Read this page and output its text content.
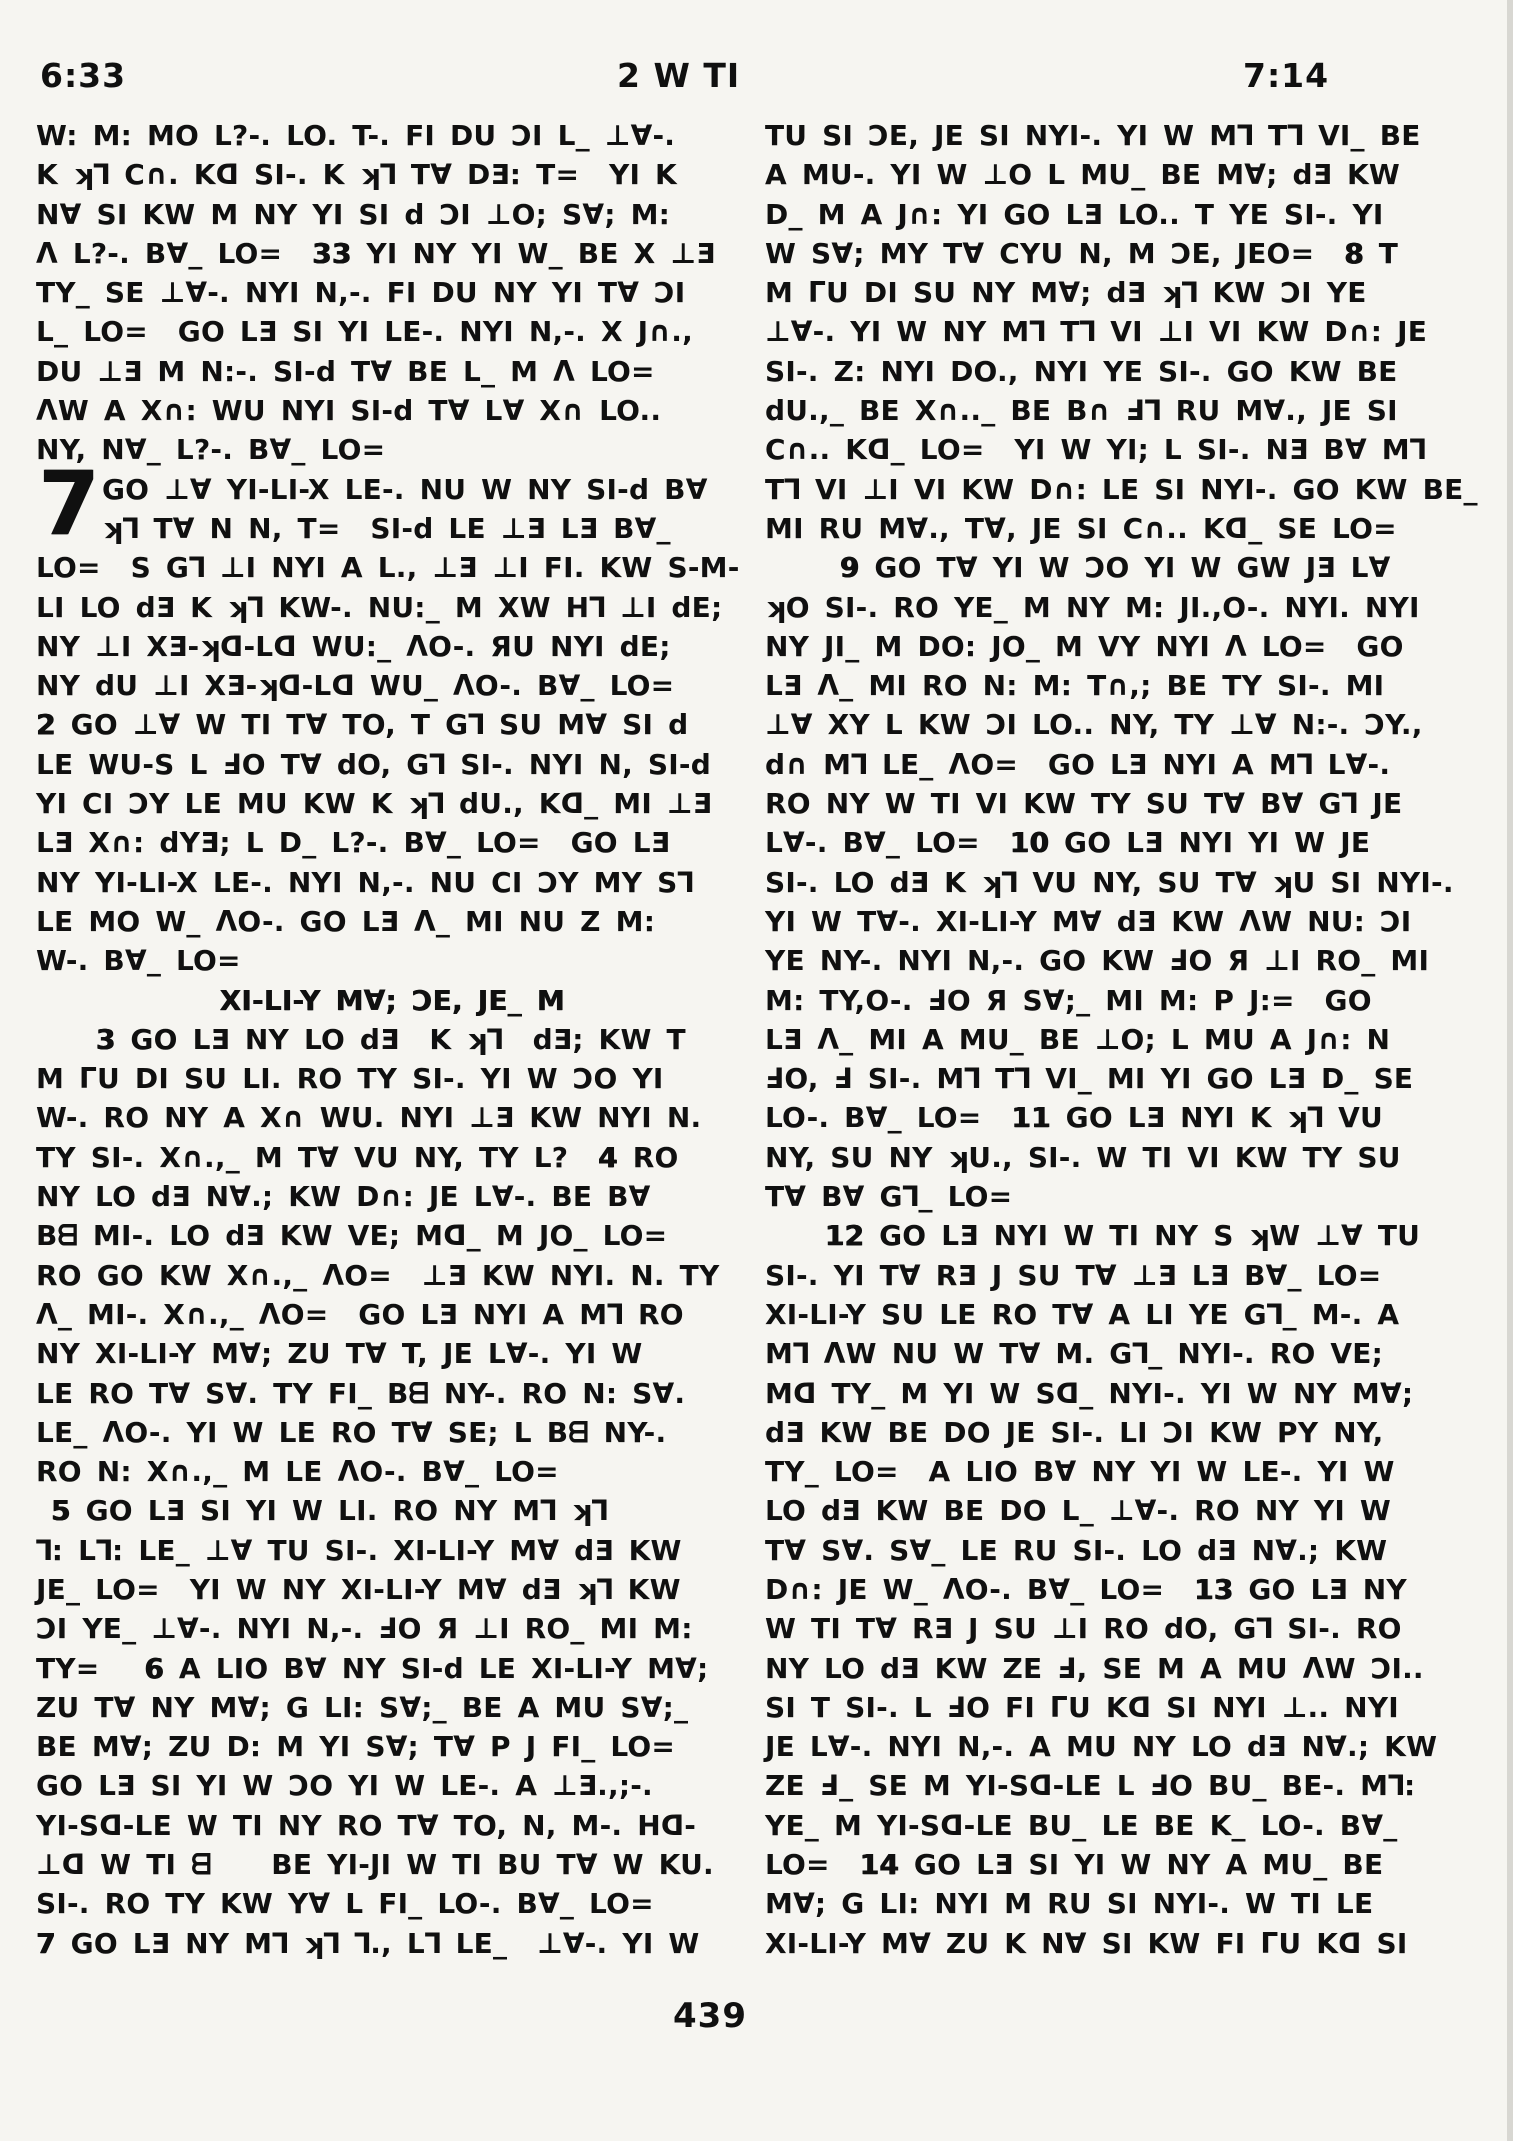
6:33	2 W TI	7:14
W: M: MO L?-. LO. T-. FI DU ƆI L_ ⊥∀-.
K ʞ⅂ C∩. Kᗡ SI-. K ʞ⅂ T∀ DƎ: T=  YI K
N∀ SI KW M NY YI SI d ƆI ⊥O; S∀; M:
Λ L?-. B∀_ LO=  33 YI NY YI W_ BE X ⊥Ǝ
TY_ SE ⊥∀-. NYI N,-. FI DU NY YI T∀ ƆI
L_ LO=  GO LƎ SI YI LE-. NYI N,-. X J∩.,
DU ⊥Ǝ M N:-. SI-d T∀ BE L_ M Λ LO=
ΛW A X∩: WU NYI SI-d T∀ L∀ X∩ LO..
NY, N∀_ L?-. B∀_ LO=
GO ⊥∀ YI-LI-X LE-. NU W NY SI-d B∀
ʞ⅂ T∀ N N, T=  SI-d LE ⊥Ǝ LƎ B∀_
LO=  S G⅂ ⊥I NYI A L., ⊥Ǝ ⊥I FI. KW S-M-
LI LO dƎ K ʞ⅂ KW-. NU:_ M XW H⅂ ⊥I dE;
NY ⊥I XƎ-ʞᗡ-Lᗡ WU:_ ΛO-. ЯU NYI dE;
NY dU ⊥I XƎ-ʞᗡ-Lᗡ WU_ ΛO-. B∀_ LO=
2 GO ⊥∀ W TI T∀ TO, T G⅂ SU M∀ SI d
LE WU-S L ℲO T∀ dO, G⅂ SI-. NYI N, SI-d
YI CI ƆY LE MU KW K ʞ⅂ dU., Kᗡ_ MI ⊥Ǝ
LƎ X∩: dYƎ; L D_ L?-. B∀_ LO=  GO LƎ
NY YI-LI-X LE-. NYI N,-. NU CI ƆY MY S⅂
LE MO W_ ΛO-. GO LƎ Λ_ MI NU Z M:
W-. B∀_ LO=
XI-LI-Y M∀; ƆE, JE_ M
3 GO LƎ NY LO dƎ  K ʞ⅂  dƎ; KW T
M ΓU DI SU LI. RO TY SI-. YI W ƆO YI
W-. RO NY A X∩ WU. NYI ⊥Ǝ KW NYI N.
TY SI-. X∩.,_ M T∀ VU NY, TY L?  4 RO
NY LO dƎ N∀.; KW D∩: JE L∀-. BE B∀
Bᗺ MI-. LO dƎ KW VE; Mᗡ_ M JO_ LO=
RO GO KW X∩.,_ ΛO=  ⊥Ǝ KW NYI. N. TY
Λ_ MI-. X∩.,_ ΛO=  GO LƎ NYI A M⅂ RO
NY XI-LI-Y M∀; ZU T∀ T, JE L∀-. YI W
LE RO T∀ S∀. TY FI_ Bᗺ NY-. RO N: S∀.
LE_ ΛO-. YI W LE RO T∀ SE; L Bᗺ NY-.
RO N: X∩.,_ M LE ΛO-. B∀_ LO=
5 GO LƎ SI YI W LI. RO NY M⅂ ʞ⅂
⅂: L⅂: LE_ ⊥∀ TU SI-. XI-LI-Y M∀ dƎ KW
JE_ LO=  YI W NY XI-LI-Y M∀ dƎ ʞ⅂ KW
ƆI YE_ ⊥∀-. NYI N,-. ℲO Я ⊥I RO_ MI M:
TY=   6 A LIO B∀ NY SI-d LE XI-LI-Y M∀;
ZU T∀ NY M∀; G LI: S∀;_ BE A MU S∀;_
BE M∀; ZU D: M YI S∀; T∀ P J FI_ LO=
GO LƎ SI YI W ƆO YI W LE-. A ⊥Ǝ.,;-.
YI-Sᗡ-LE W TI NY RO T∀ TO, N, M-. Hᗡ-
⊥ᗡ W TI ᗺ    BE YI-JI W TI BU T∀ W KU.
SI-. RO TY KW Y∀ L FI_ LO-. B∀_ LO=
7 GO LƎ NY M⅂ ʞ⅂ ⅂., L⅂ LE_  ⊥∀-. YI W
7
TU SI ƆE, JE SI NYI-. YI W M⅂ T⅂ VI_ BE
A MU-. YI W ⊥O L MU_ BE M∀; dƎ KW
D_ M A J∩: YI GO LƎ LO.. T YE SI-. YI
W S∀; MY T∀ CYU N, M ƆE, JEO=  8 T
M ΓU DI SU NY M∀; dƎ ʞ⅂ KW ƆI YE
⊥∀-. YI W NY M⅂ T⅂ VI ⊥I VI KW D∩: JE
SI-. Z: NYI DO., NYI YE SI-. GO KW BE
dU.,_ BE X∩.._ BE B∩ Ⅎ⅂ RU M∀., JE SI
C∩.. Kᗡ_ LO=  YI W YI; L SI-. NƎ B∀ M⅂
T⅂ VI ⊥I VI KW D∩: LE SI NYI-. GO KW BE_
MI RU M∀., T∀, JE SI C∩.. Kᗡ_ SE LO=
9 GO T∀ YI W ƆO YI W GW JƎ L∀
ʞO SI-. RO YE_ M NY M: JI.,O-. NYI. NYI
NY JI_ M DO: JO_ M VY NYI Λ LO=  GO
LƎ Λ_ MI RO N: M: T∩,; BE TY SI-. MI
⊥∀ XY L KW ƆI LO.. NY, TY ⊥∀ N:-. ƆY.,
d∩ M⅂ LE_ ΛO=  GO LƎ NYI A M⅂ L∀-.
RO NY W TI VI KW TY SU T∀ B∀ G⅂ JE
L∀-. B∀_ LO=  10 GO LƎ NYI YI W JE
SI-. LO dƎ K ʞ⅂ VU NY, SU T∀ ʞU SI NYI-.
YI W T∀-. XI-LI-Y M∀ dƎ KW ΛW NU: ƆI
YE NY-. NYI N,-. GO KW ℲO Я ⊥I RO_ MI
M: TY,O-. ℲO Я S∀;_ MI M: P J:=  GO
LƎ Λ_ MI A MU_ BE ⊥O; L MU A J∩: N
ℲO, Ⅎ SI-. M⅂ T⅂ VI_ MI YI GO LƎ D_ SE
LO-. B∀_ LO=  11 GO LƎ NYI K ʞ⅂ VU
NY, SU NY ʞU., SI-. W TI VI KW TY SU
T∀ B∀ G⅂_ LO=
12 GO LƎ NYI W TI NY S ʞW ⊥∀ TU
SI-. YI T∀ RƎ J SU T∀ ⊥Ǝ LƎ B∀_ LO=
XI-LI-Y SU LE RO T∀ A LI YE G⅂_ M-. A
M⅂ ΛW NU W T∀ M. G⅂_ NYI-. RO VE;
Mᗡ TY_ M YI W Sᗡ_ NYI-. YI W NY M∀;
dƎ KW BE DO JE SI-. LI ƆI KW PY NY,
TY_ LO=  A LIO B∀ NY YI W LE-. YI W
LO dƎ KW BE DO L_ ⊥∀-. RO NY YI W
T∀ S∀. S∀_ LE RU SI-. LO dƎ N∀.; KW
D∩: JE W_ ΛO-. B∀_ LO=  13 GO LƎ NY
W TI T∀ RƎ J SU ⊥I RO dO, G⅂ SI-. RO
NY LO dƎ KW ZE Ⅎ, SE M A MU ΛW ƆI..
SI T SI-. L ℲO FI ΓU Kᗡ SI NYI ⊥.. NYI
JE L∀-. NYI N,-. A MU NY LO dƎ N∀.; KW
ZE Ⅎ_ SE M YI-Sᗡ-LE L ℲO BU_ BE-. M⅂:
YE_ M YI-Sᗡ-LE BU_ LE BE K_ LO-. B∀_
LO=  14 GO LƎ SI YI W NY A MU_ BE
M∀; G LI: NYI M RU SI NYI-. W TI LE
XI-LI-Y M∀ ZU K N∀ SI KW FI ΓU Kᗡ SI
439
